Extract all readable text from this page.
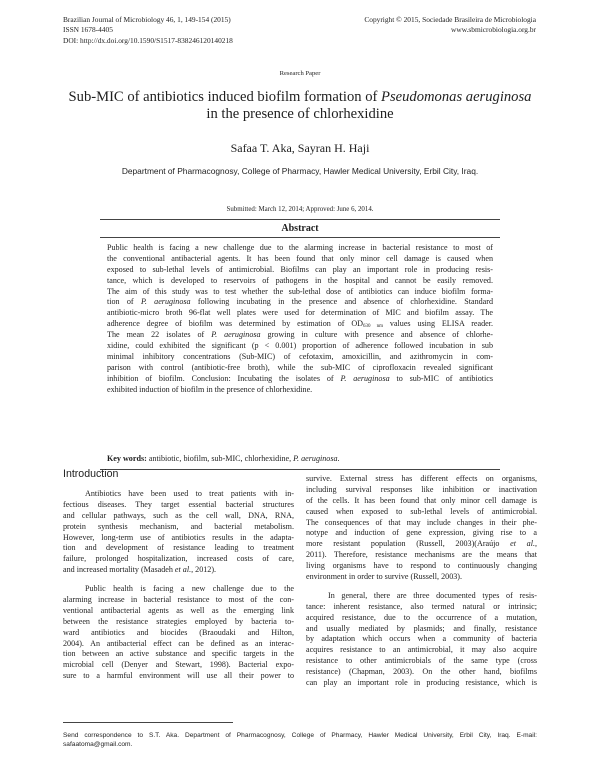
Brazilian Journal of Microbiology 46, 1, 149-154 (2015)
ISSN 1678-4405
DOI: http://dx.doi.org/10.1590/S1517-838246120140218
Copyright © 2015, Sociedade Brasileira de Microbiologia
www.sbmicrobiologia.org.br
Research Paper
Sub-MIC of antibiotics induced biofilm formation of Pseudomonas aeruginosa
in the presence of chlorhexidine
Safaa T. Aka, Sayran H. Haji
Department of Pharmacognosy, College of Pharmacy, Hawler Medical University, Erbil City, Iraq.
Submitted: March 12, 2014; Approved: June 6, 2014.
Abstract
Public health is facing a new challenge due to the alarming increase in bacterial resistance to most of
the conventional antibacterial agents. It has been found that only minor cell damage is caused when
exposed to sub-lethal levels of antimicrobial. Biofilms can play an important role in producing resis-
tance, which is developed to reservoirs of pathogens in the hospital and cannot be easily removed.
The aim of this study was to test whether the sub-lethal dose of antibiotics can induce biofilm forma-
tion of P. aeruginosa following incubating in the presence and absence of chlorhexidine. Standard
antibiotic-micro broth 96-flat well plates were used for determination of MIC and biofilm assay. The
adherence degree of biofilm was determined by estimation of $OD_{630 nm}$ values using ELISA reader.
The mean 22 isolates of P. aeruginosa growing in culture with presence and absence of chlorhe-
xidine, could exhibited the significant (p < 0.001) proportion of adherence followed incubation in sub
minimal inhibitory concentrations (Sub-MIC) of cefotaxim, amoxicillin, and azithromycin in com-
parison with control (antibiotic-free broth), while the sub-MIC of ciprofloxacin revealed significant
inhibition of biofilm. Conclusion: Incubating the isolates of P. aeruginosa to sub-MIC of antibiotics
exhibited induction of biofilm in the presence of chlorhexidine.
Key words: antibiotic, biofilm, sub-MIC, chlorhexidine, P. aeruginosa.
Introduction
Antibiotics have been used to treat patients with in-
fectious diseases. They target essential bacterial structures
and cellular pathways, such as the cell wall, DNA, RNA,
protein synthesis mechanism, and bacterial metabolism.
However, long-term use of antibiotics results in the adapta-
tion and development of resistance leading to treatment
failure, prolonged hospitalization, increased costs of care,
and increased mortality (Masadeh et al., 2012).
Public health is facing a new challenge due to the
alarming increase in bacterial resistance to most of the con-
ventional antibacterial agents as well as the emerging link
between the resistance strategies employed by bacteria to-
ward antibiotics and biocides (Braoudaki and Hilton,
2004). An antibacterial effect can be defined as an interac-
tion between an active substance and specific targets in the
microbial cell (Denyer and Stewart, 1998). Bacterial expo-
sure to a harmful environment will use all their power to
survive. External stress has different effects on organisms,
including survival responses like inhibition or inactivation
of the cells. It has been found that only minor cell damage is
caused when exposed to sub-lethal levels of antimicrobial.
The consequences of that may include changes in their phe-
notype and induction of gene expression, giving rise to a
more resistant population (Russell, 2003)(Araújo et al.,
2011). Therefore, resistance mechanisms are the means that
living organisms have to respond to continuously changing
environment in order to survive (Russell, 2003).
In general, there are three documented types of resis-
tance: inherent resistance, also termed natural or intrinsic;
acquired resistance, due to the occurrence of a mutation,
and usually mediated by plasmids; and finally, resistance
by adaptation which occurs when a community of bacteria
acquires resistance to an antimicrobial, it may also acquire
resistance to other antimicrobials of the same type (cross
resistance) (Chapman, 2003). On the other hand, biofilms
can play an important role in producing resistance, which is
Send correspondence to S.T. Aka. Department of Pharmacognosy, College of Pharmacy, Hawler Medical University, Erbil City, Iraq. E-mail:
safaatoma@gmail.com.
